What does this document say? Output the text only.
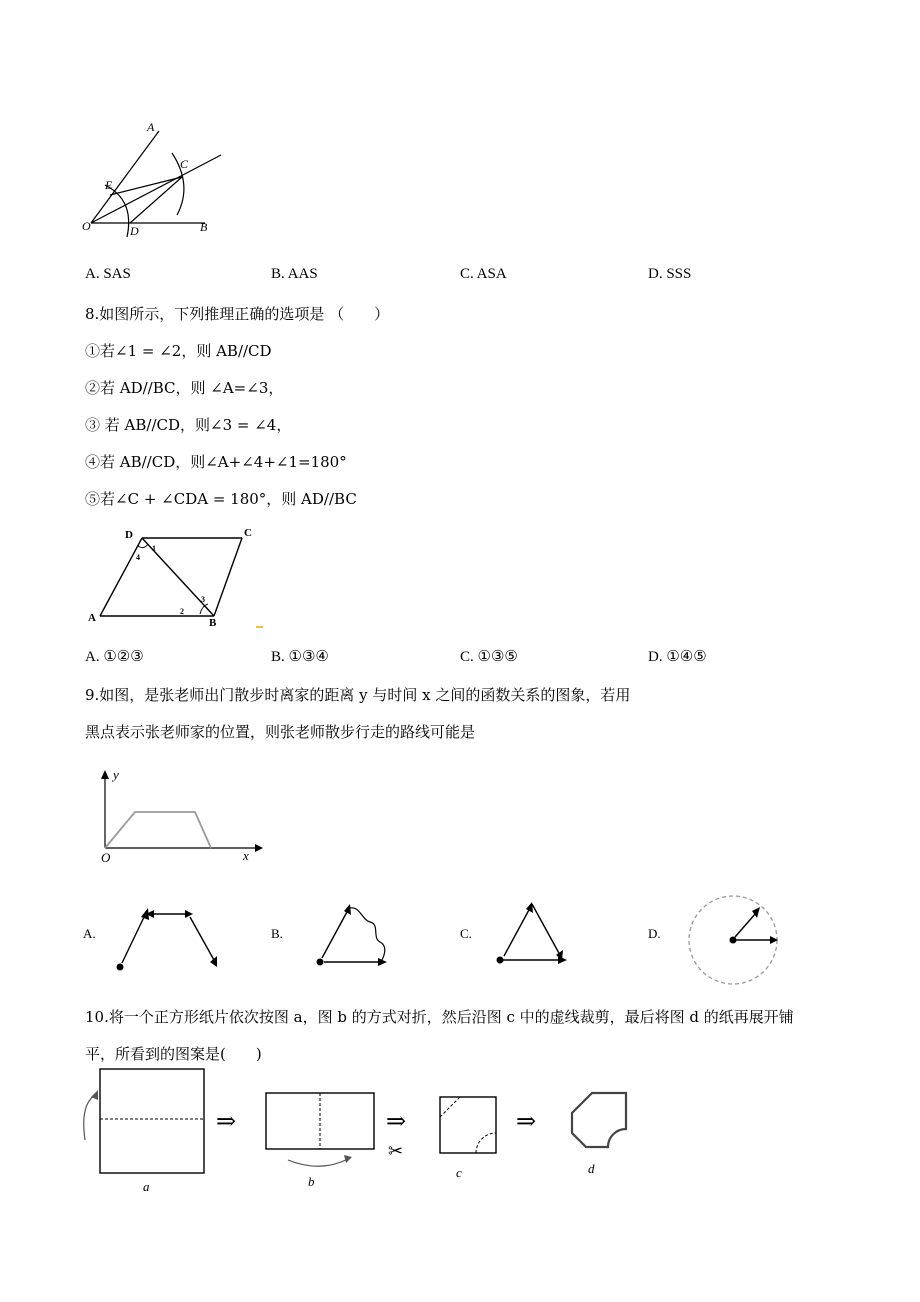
A
C
E
O	D	B
A. SAS	B. AAS	C. ASA	D. SSS
8.如图所示，下列推理正确的选项是 （　　）
①若∠1 = ∠2，则 AB//CD
②若 AD//BC，则 ∠A=∠3，
③ 若 AB//CD，则∠3 = ∠4，
④若 AB//CD，则∠A+∠4+∠1=180°
⑤若∠C + ∠CDA = 180°，则 AD//BC
D	C
A	B
1
2
3
4
A. ①②③	B. ①③④	C. ①③⑤	D. ①④⑤
9.如图，是张老师出门散步时离家的距离 y 与时间 x 之间的函数关系的图象，若用
黑点表示张老师家的位置，则张老师散步行走的路线可能是
y
O	x
A.	B.	C.	D.
10.将一个正方形纸片依次按图 a，图 b 的方式对折，然后沿图 c 中的虚线裁剪，最后将图 d 的纸再展开铺
平，所看到的图案是(　　)
a
⇒
b
⇒
✂
c
⇒
d
